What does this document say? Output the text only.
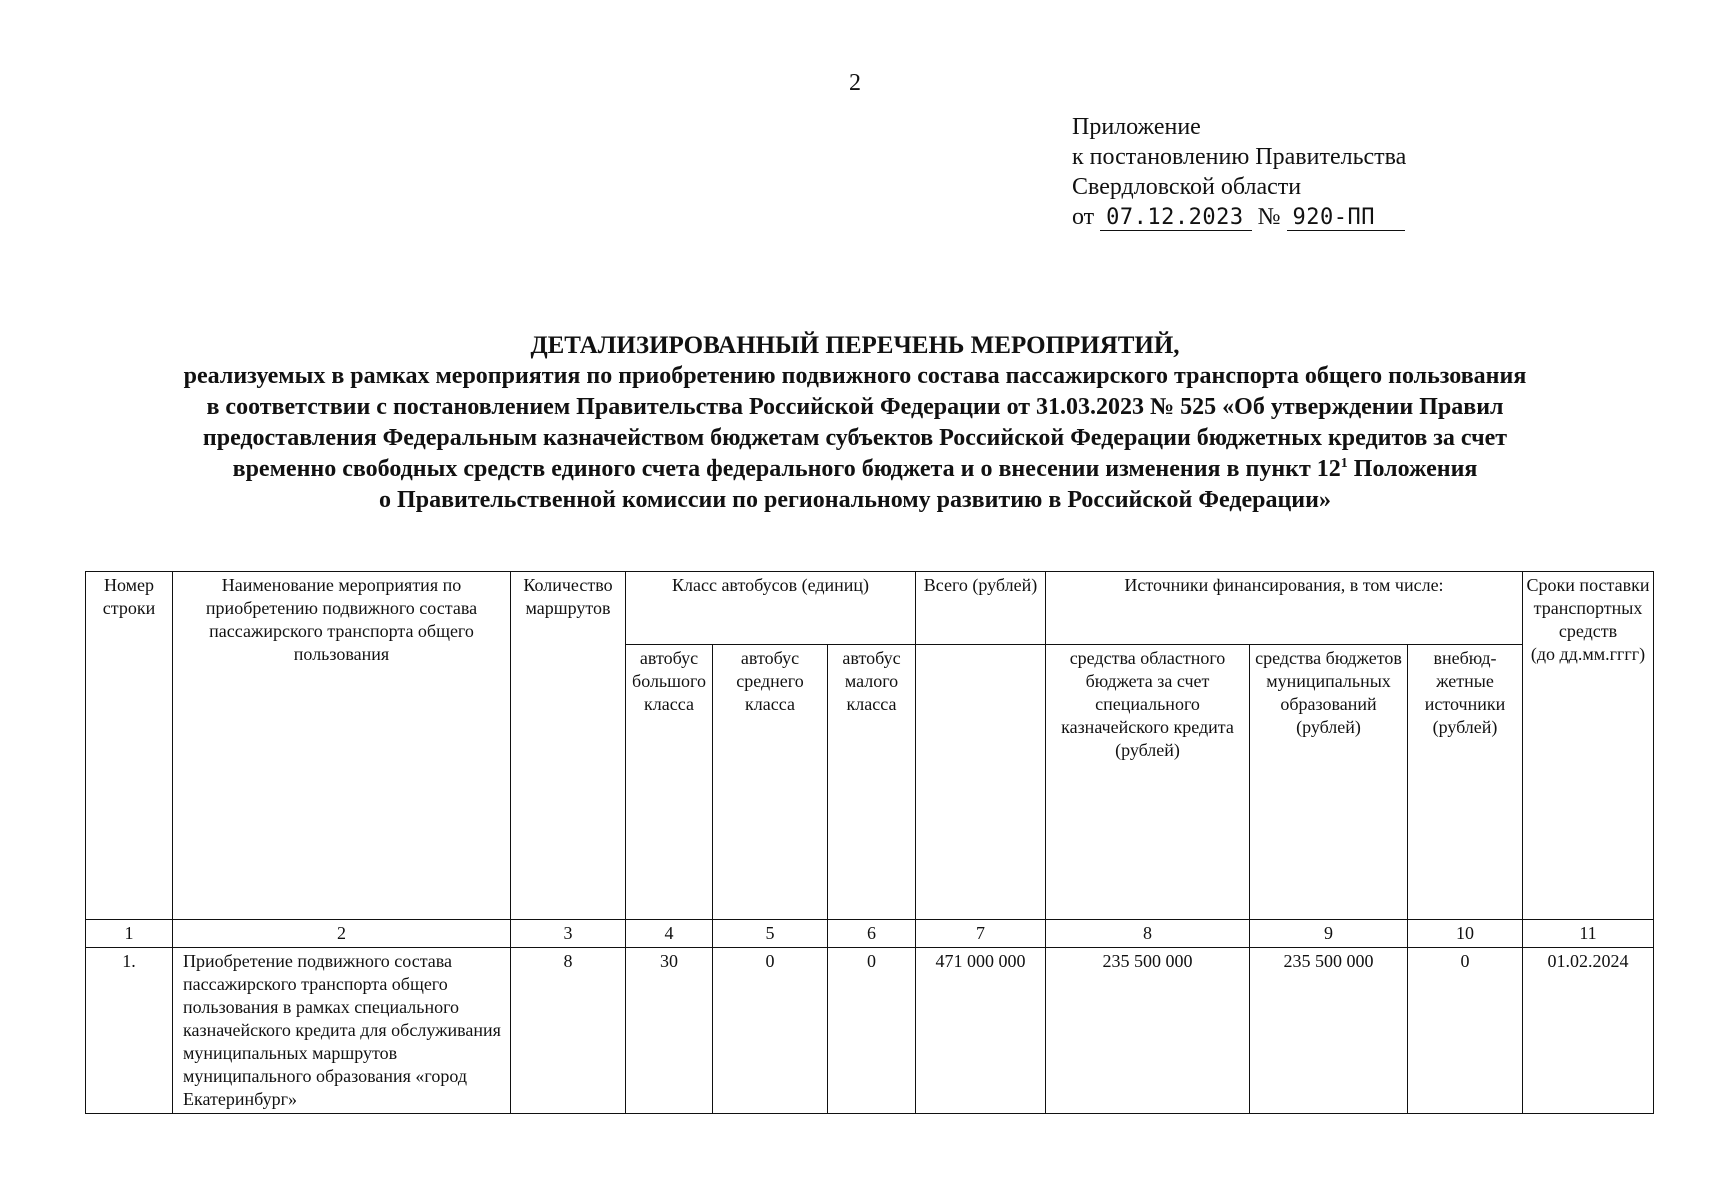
2
Приложение
к постановлению Правительства
Свердловской области
от 07.12.2023 № 920-ПП
ДЕТАЛИЗИРОВАННЫЙ ПЕРЕЧЕНЬ МЕРОПРИЯТИЙ,
реализуемых в рамках мероприятия по приобретению подвижного состава пассажирского транспорта общего пользования
в соответствии с постановлением Правительства Российской Федерации от 31.03.2023 № 525 «Об утверждении Правил
предоставления Федеральным казначейством бюджетам субъектов Российской Федерации бюджетных кредитов за счет
временно свободных средств единого счета федерального бюджета и о внесении изменения в пункт $12^1$ Положения
о Правительственной комиссии по региональному развитию в Российской Федерации»
Номер строки	Наименование мероприятия по приобретению подвижного состава пассажирского транспорта общего пользования	Количество маршрутов	Класс автобусов (единиц)			Всего (рублей)	Источники финансирования, в том числе:			Сроки поставки транспортных средств
(до дд.мм.гггг)

			автобус большого класса	автобус среднего класса	автобус малого класса		средства областного бюджета за счет специального казначейского кредита (рублей)	средства бюджетов муниципальных образований (рублей)	внебюд-жетные источники (рублей)	
1	2	3	4	5	6	7	8	9	10	11
1.	Приобретение подвижного состава пассажирского транспорта общего пользования в рамках специального казначейского кредита для обслуживания муниципальных маршрутов муниципального образования «город Екатеринбург»	8	30	0	0	471 000 000	235 500 000	235 500 000	0	01.02.2024
